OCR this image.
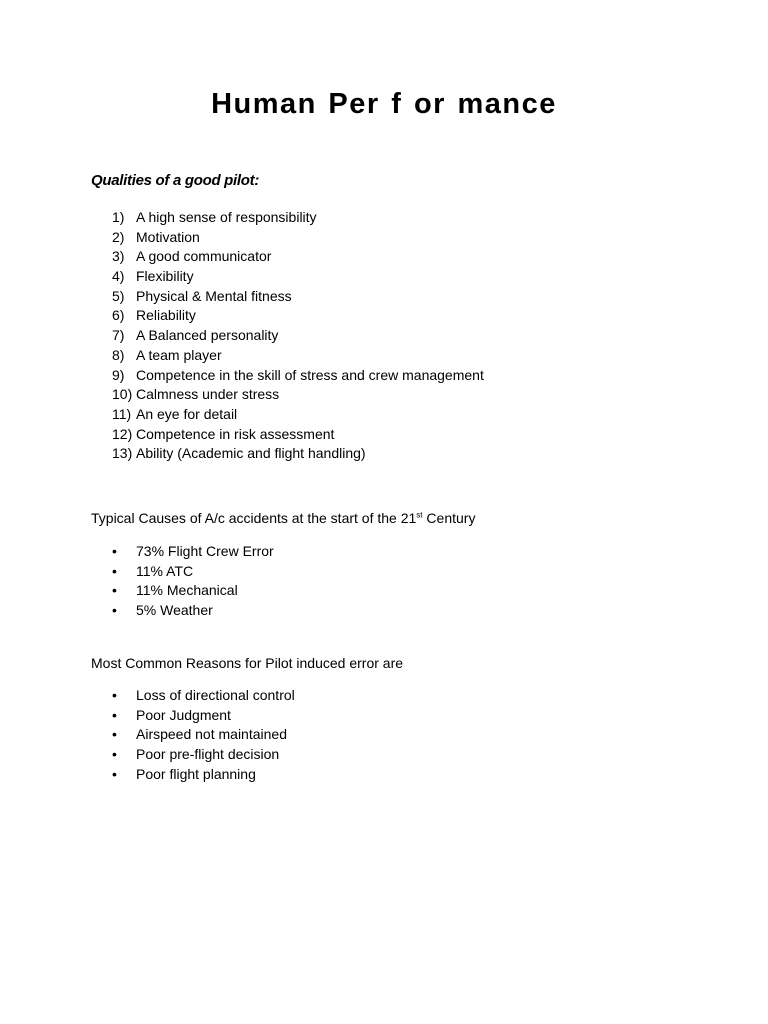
Human Per f or mance
Qualities of a good pilot:
1) A high sense of responsibility
2) Motivation
3) A good communicator
4) Flexibility
5) Physical & Mental fitness
6) Reliability
7) A Balanced personality
8) A team player
9) Competence in the skill of stress and crew management
10) Calmness under stress
11) An eye for detail
12) Competence in risk assessment
13) Ability (Academic and flight handling)
Typical Causes of A/c accidents at the start of the 21st Century
• 73% Flight Crew Error
• 11% ATC
• 11% Mechanical
• 5% Weather
Most Common Reasons for Pilot induced error are
• Loss of directional control
• Poor Judgment
• Airspeed not maintained
• Poor pre-flight decision
• Poor flight planning
